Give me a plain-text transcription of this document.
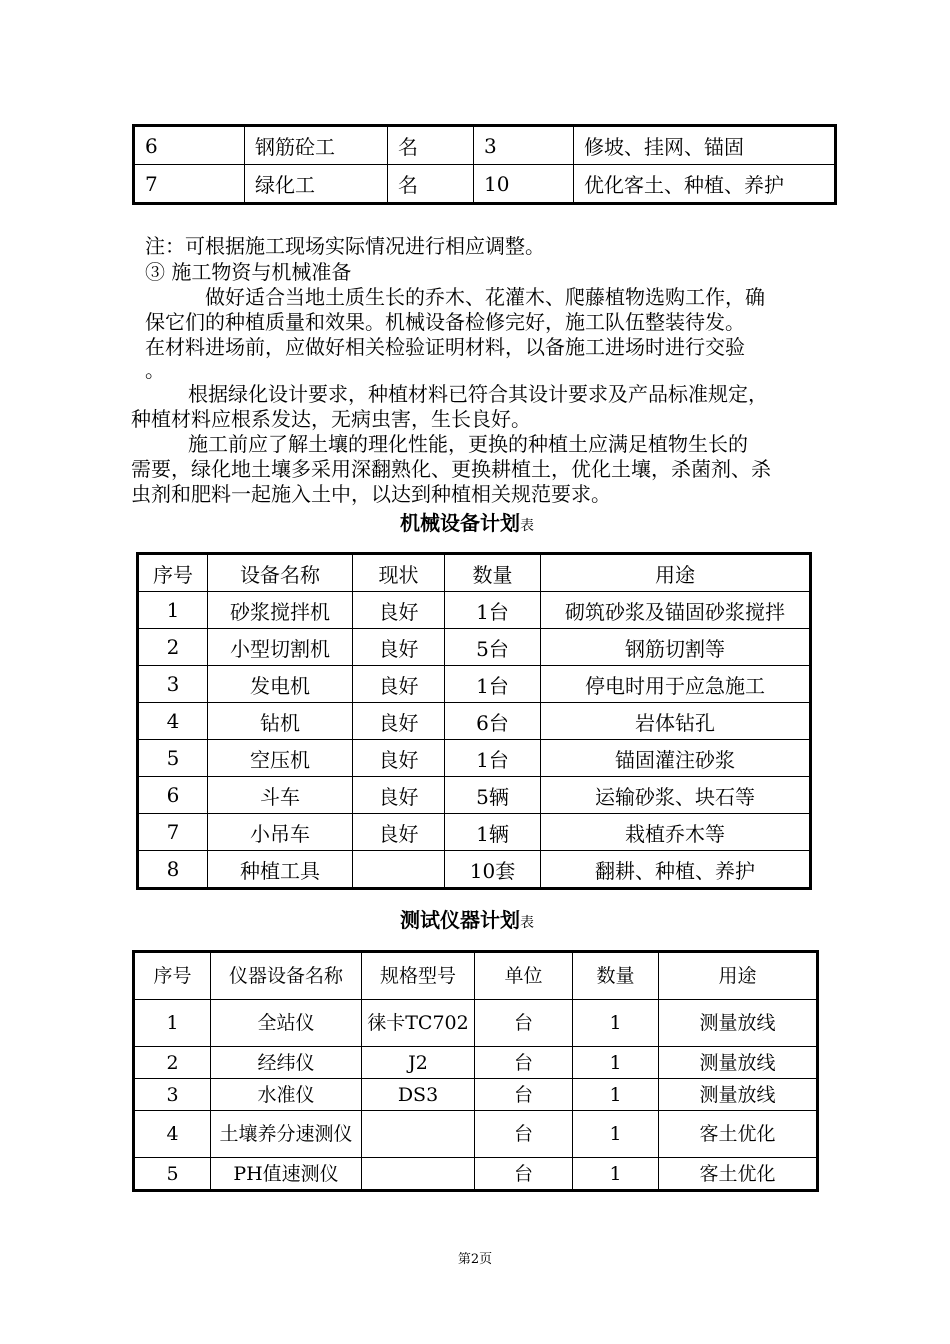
6	钢筋砼工	名	3	修坡、挂网、锚固
7	绿化工	名	10	优化客土、种植、养护
注：可根据施工现场实际情况进行相应调整。
③ 施工物资与机械准备
做好适合当地土质生长的乔木、花灌木、爬藤植物选购工作，确
保它们的种植质量和效果。机械设备检修完好，施工队伍整装待发。
在材料进场前，应做好相关检验证明材料，以备施工进场时进行交验
。
根据绿化设计要求，种植材料已符合其设计要求及产品标准规定，
种植材料应根系发达，无病虫害，生长良好。
施工前应了解土壤的理化性能，更换的种植土应满足植物生长的
需要，绿化地土壤多采用深翻熟化、更换耕植土，优化土壤，杀菌剂、杀
虫剂和肥料一起施入土中，以达到种植相关规范要求。
机械设备计划表
序号	设备名称	现状	数量	用途
1	砂浆搅拌机	良好	1台	砌筑砂浆及锚固砂浆搅拌
2	小型切割机	良好	5台	钢筋切割等
3	发电机	良好	1台	停电时用于应急施工
4	钻机	良好	6台	岩体钻孔
5	空压机	良好	1台	锚固灌注砂浆
6	斗车	良好	5辆	运输砂浆、块石等
7	小吊车	良好	1辆	栽植乔木等
8	种植工具		10套	翻耕、种植、养护
测试仪器计划表
序号	仪器设备名称	规格型号	单位	数量	用途
1	全站仪	徕卡TC702	台	1	测量放线
2	经纬仪	J2	台	1	测量放线
3	水准仪	DS3	台	1	测量放线
4	土壤养分速测仪		台	1	客土优化
5	PH值速测仪		台	1	客土优化
第2页
